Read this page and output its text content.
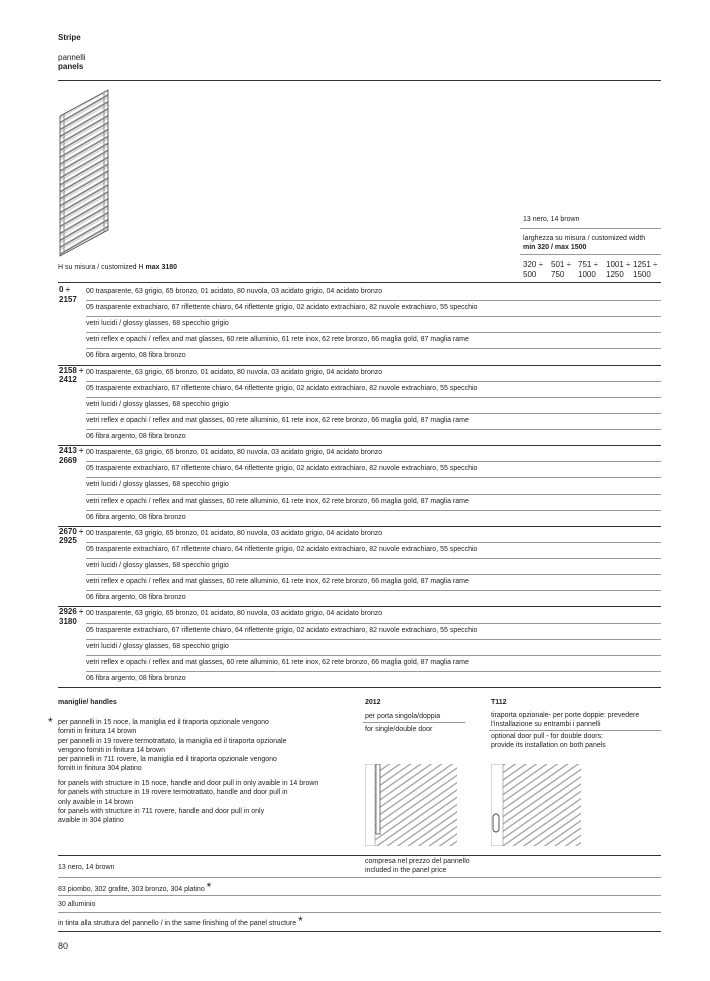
Stripe
pannelli
panels
13 nero, 14 brown
larghezza su misura / customized width
min 320 / max 1500
H su misura / customized H max 3180	320 ÷
500
501 ÷
750
751 ÷
1000
1001 ÷
1250
1251 ÷
1500
0 ÷
2157
00 trasparente, 63 grigio, 65 bronzo, 01 acidato, 80 nuvola, 03 acidato grigio, 04 acidato bronzo
05 trasparente extrachiaro, 67 riflettente chiaro, 64 riflettente grigio, 02 acidato extrachiaro, 82 nuvole extrachiaro, 55 specchio
vetri lucidi / glossy glasses, 68 specchio grigio
vetri reflex e opachi / reflex and mat glasses, 60 rete alluminio, 61 rete inox, 62 rete bronzo, 66 maglia gold, 87 maglia rame
06 fibra argento, 08 fibra bronzo
2158 ÷
2412
00 trasparente, 63 grigio, 65 bronzo, 01 acidato, 80 nuvola, 03 acidato grigio, 04 acidato bronzo
05 trasparente extrachiaro, 67 riflettente chiaro, 64 riflettente grigio, 02 acidato extrachiaro, 82 nuvole extrachiaro, 55 specchio
vetri lucidi / glossy glasses, 68 specchio grigio
vetri reflex e opachi / reflex and mat glasses, 60 rete alluminio, 61 rete inox, 62 rete bronzo, 66 maglia gold, 87 maglia rame
06 fibra argento, 08 fibra bronzo
2413 ÷
2669
00 trasparente, 63 grigio, 65 bronzo, 01 acidato, 80 nuvola, 03 acidato grigio, 04 acidato bronzo
05 trasparente extrachiaro, 67 riflettente chiaro, 64 riflettente grigio, 02 acidato extrachiaro, 82 nuvole extrachiaro, 55 specchio
vetri lucidi / glossy glasses, 68 specchio grigio
vetri reflex e opachi / reflex and mat glasses, 60 rete alluminio, 61 rete inox, 62 rete bronzo, 66 maglia gold, 87 maglia rame
06 fibra argento, 08 fibra bronzo
2670 ÷
2925
00 trasparente, 63 grigio, 65 bronzo, 01 acidato, 80 nuvola, 03 acidato grigio, 04 acidato bronzo
05 trasparente extrachiaro, 67 riflettente chiaro, 64 riflettente grigio, 02 acidato extrachiaro, 82 nuvole extrachiaro, 55 specchio
vetri lucidi / glossy glasses, 68 specchio grigio
vetri reflex e opachi / reflex and mat glasses, 60 rete alluminio, 61 rete inox, 62 rete bronzo, 66 maglia gold, 87 maglia rame
06 fibra argento, 08 fibra bronzo
2926 ÷
3180
00 trasparente, 63 grigio, 65 bronzo, 01 acidato, 80 nuvola, 03 acidato grigio, 04 acidato bronzo
05 trasparente extrachiaro, 67 riflettente chiaro, 64 riflettente grigio, 02 acidato extrachiaro, 82 nuvole extrachiaro, 55 specchio
vetri lucidi / glossy glasses, 68 specchio grigio
vetri reflex e opachi / reflex and mat glasses, 60 rete alluminio, 61 rete inox, 62 rete bronzo, 66 maglia gold, 87 maglia rame
06 fibra argento, 08 fibra bronzo
maniglie/ handles
* per pannelli in 15 noce, la maniglia ed il tiraporta opzionale vengono
forniti in finitura 14 brown
per pannelli in 19 rovere termotrattato, la maniglia ed il tiraporta opzionale
vengono forniti in finitura 14 brown
per pannelli in 711 rovere, la maniglia ed il tiraporta opzionale vengono
forniti in finitura 304 platino
for panels with structure in 15 noce, handle and door pull in only avaible in 14 brown
for panels with structure in 19 rovere termotrattato, handle and door pull in
only avaible in 14 brown
for panels with structure in 711 rovere, handle and door pull in only
avaible in 304 platino
2012
per porta singola/doppia
for single/double door
T112
tiraporta opzionale- per porte doppie: prevedere
l'installazione su entrambi i pannelli
optional door pull - for double doors:
provide its installation on both panels
compresa nel prezzo del pannello
included in the panel price
13 nero, 14 brown
83 piombo, 302 grafite, 303 bronzo, 304 platino *
30 alluminio
in tinta alla struttura del pannello / in the same finishing of the panel structure *
80
